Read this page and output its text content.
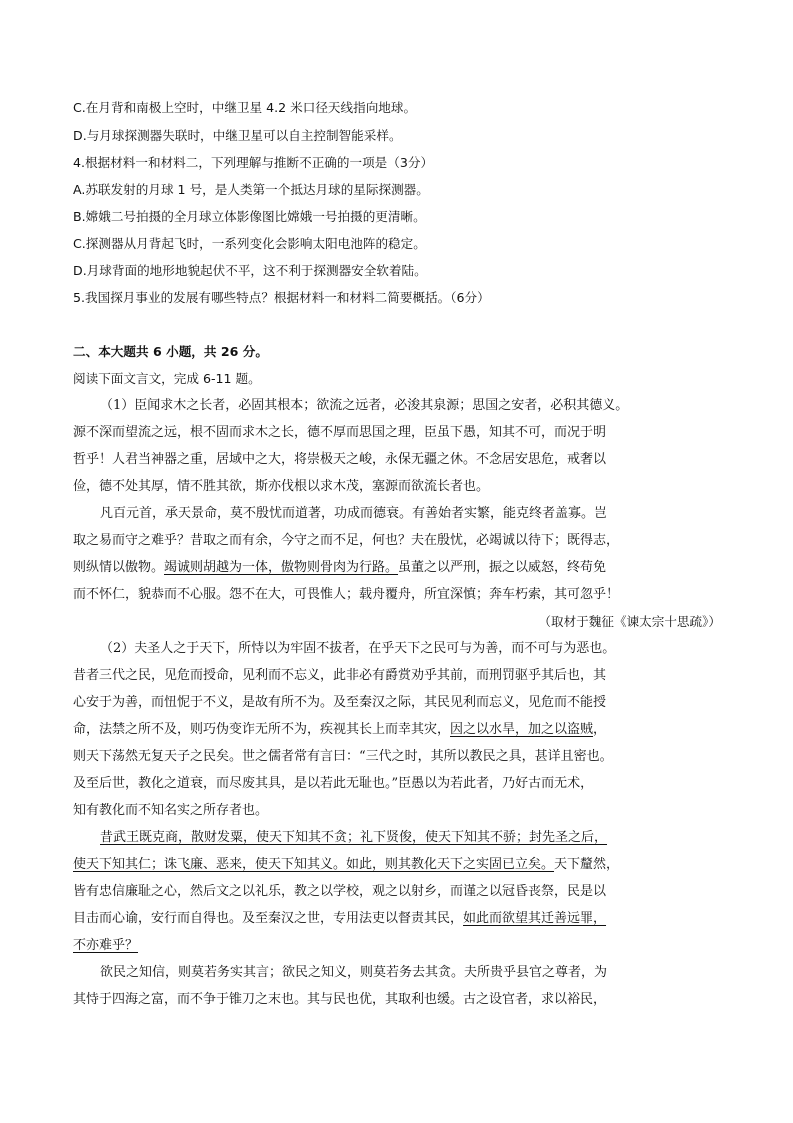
C.在月背和南极上空时，中继卫星 4.2 米口径天线指向地球。
D.与月球探测器失联时，中继卫星可以自主控制智能采样。
4.根据材料一和材料二，下列理解与推断不正确的一项是（3分）
A.苏联发射的月球 1 号，是人类第一个抵达月球的星际探测器。
B.嫦娥二号拍摄的全月球立体影像图比嫦娥一号拍摄的更清晰。
C.探测器从月背起飞时，一系列变化会影响太阳电池阵的稳定。
D.月球背面的地形地貌起伏不平，这不利于探测器安全软着陆。
5.我国探月事业的发展有哪些特点？根据材料一和材料二简要概括。（6分）
二、本大题共 6 小题，共 26 分。
阅读下面文言文，完成 6-11 题。
（1）臣闻求木之长者，必固其根本；欲流之远者，必浚其泉源；思国之安者，必积其德义。
源不深而望流之远，根不固而求木之长，德不厚而思国之理，臣虽下愚，知其不可，而况于明
哲乎！人君当神器之重，居域中之大，将崇极天之峻，永保无疆之休。不念居安思危，戒奢以
俭，德不处其厚，情不胜其欲，斯亦伐根以求木茂，塞源而欲流长者也。
凡百元首，承天景命，莫不殷忧而道著，功成而德衰。有善始者实繁，能克终者盖寡。岂
取之易而守之难乎？昔取之而有余，今守之而不足，何也？夫在殷忧，必竭诚以待下；既得志，
则纵情以傲物。竭诚则胡越为一体，傲物则骨肉为行路。虽董之以严刑，振之以威怒，终苟免
而不怀仁，貌恭而不心服。怨不在大，可畏惟人；载舟覆舟，所宜深慎；奔车朽索，其可忽乎！
（取材于魏征《谏太宗十思疏》）
（2）夫圣人之于天下，所恃以为牢固不拔者，在乎天下之民可与为善，而不可与为恶也。
昔者三代之民，见危而授命，见利而不忘义，此非必有爵赏劝乎其前，而刑罚驱乎其后也，其
心安于为善，而忸怩于不义，是故有所不为。及至秦汉之际，其民见利而忘义，见危而不能授
命，法禁之所不及，则巧伪变诈无所不为，疾视其长上而幸其灾，因之以水旱，加之以盗贼，
则天下荡然无复天子之民矣。世之儒者常有言曰：“三代之时，其所以教民之具，甚详且密也。
及至后世，教化之道衰，而尽废其具，是以若此无耻也。”臣愚以为若此者，乃好古而无术，
知有教化而不知名实之所存者也。
昔武王既克商，散财发粟，使天下知其不贪；礼下贤俊，使天下知其不骄；封先圣之后，
使天下知其仁；诛飞廉、恶来，使天下知其义。如此，则其教化天下之实固已立矣。天下釐然，
皆有忠信廉耻之心，然后文之以礼乐，教之以学校，观之以射乡，而谨之以冠昏丧祭，民是以
目击而心谕，安行而自得也。及至秦汉之世，专用法吏以督责其民，如此而欲望其迁善远罪，
不亦难乎？
欲民之知信，则莫若务实其言；欲民之知义，则莫若务去其贪。夫所贵乎县官之尊者，为
其恃于四海之富，而不争于锥刀之末也。其与民也优，其取利也缓。古之设官者，求以裕民，
